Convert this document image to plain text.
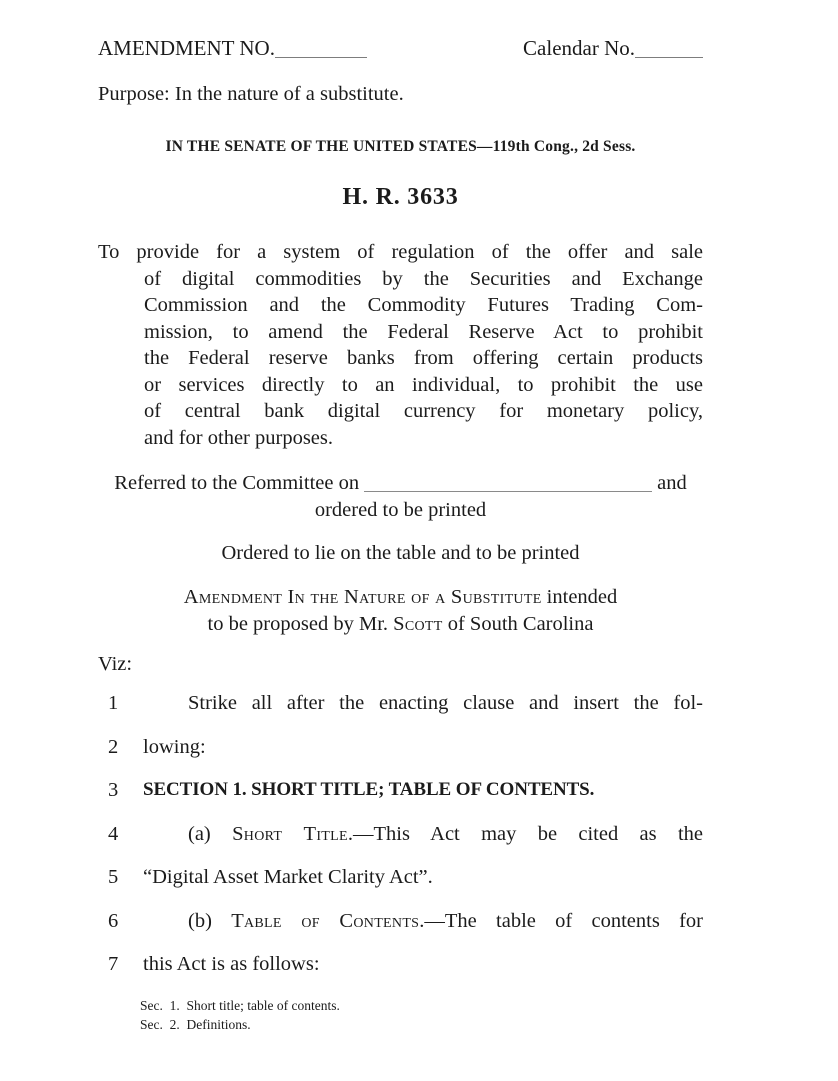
AMENDMENT NO.	Calendar No.
Purpose: In the nature of a substitute.
IN THE SENATE OF THE UNITED STATES—119th Cong., 2d Sess.
H. R. 3633
To provide for a system of regulation of the offer and sale
of digital commodities by the Securities and Exchange
Commission and the Commodity Futures Trading Com-
mission, to amend the Federal Reserve Act to prohibit
the Federal reserve banks from offering certain products
or services directly to an individual, to prohibit the use
of central bank digital currency for monetary policy,
and for other purposes.
Referred to the Committee on	and
ordered to be printed
Ordered to lie on the table and to be printed
Amendment In the Nature of a Substitute intended
to be proposed by Mr. Scott of South Carolina
Viz:
1	Strike all after the enacting clause and insert the fol-
2 lowing:
3 SECTION 1. SHORT TITLE; TABLE OF CONTENTS.
4	(a) Short Title.—This Act may be cited as the
5 “Digital Asset Market Clarity Act”.
6	(b) Table of Contents.—The table of contents for
7 this Act is as follows:
Sec.  1.  Short title; table of contents.
Sec.  2.  Definitions.
